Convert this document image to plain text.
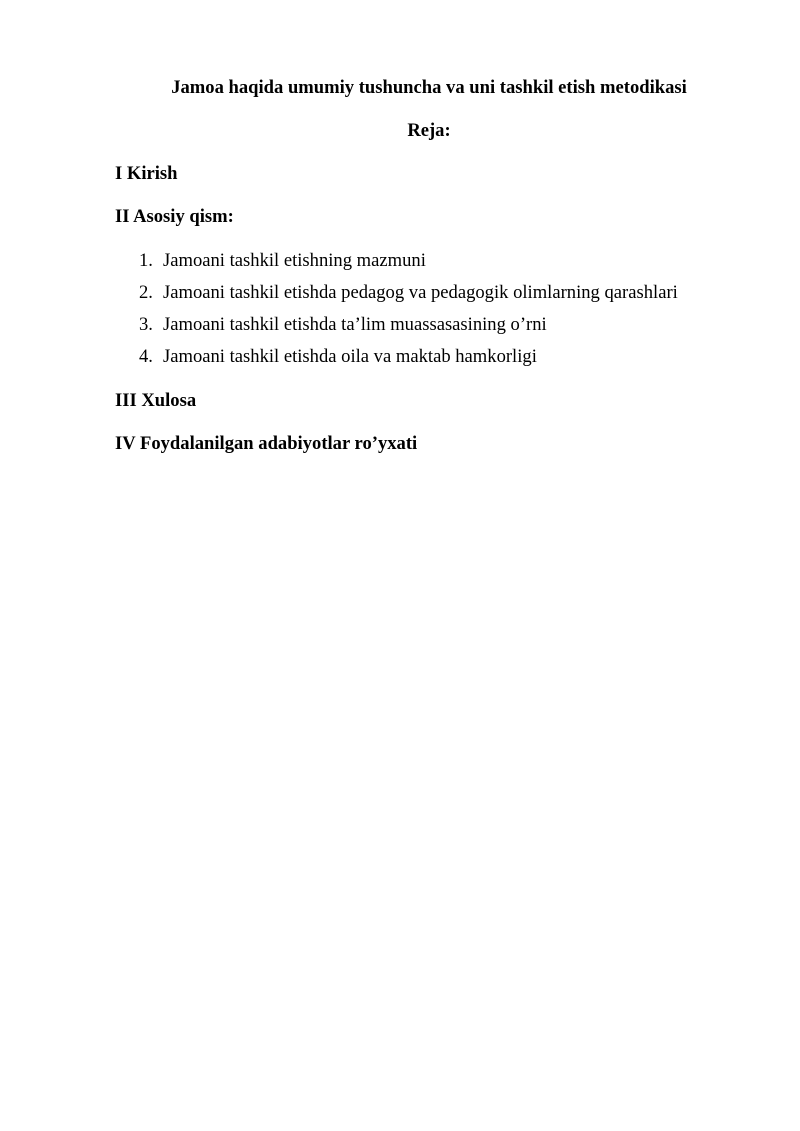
Jamoa haqida umumiy tushuncha va uni tashkil etish metodikasi
Reja:
I Kirish
II Asosiy qism:
1. Jamoani tashkil etishning mazmuni
2. Jamoani tashkil etishda pedagog va pedagogik olimlarning qarashlari
3. Jamoani tashkil etishda ta’lim muassasasining o’rni
4. Jamoani tashkil etishda oila va maktab hamkorligi
III Xulosa
IV Foydalanilgan adabiyotlar ro’yxati
